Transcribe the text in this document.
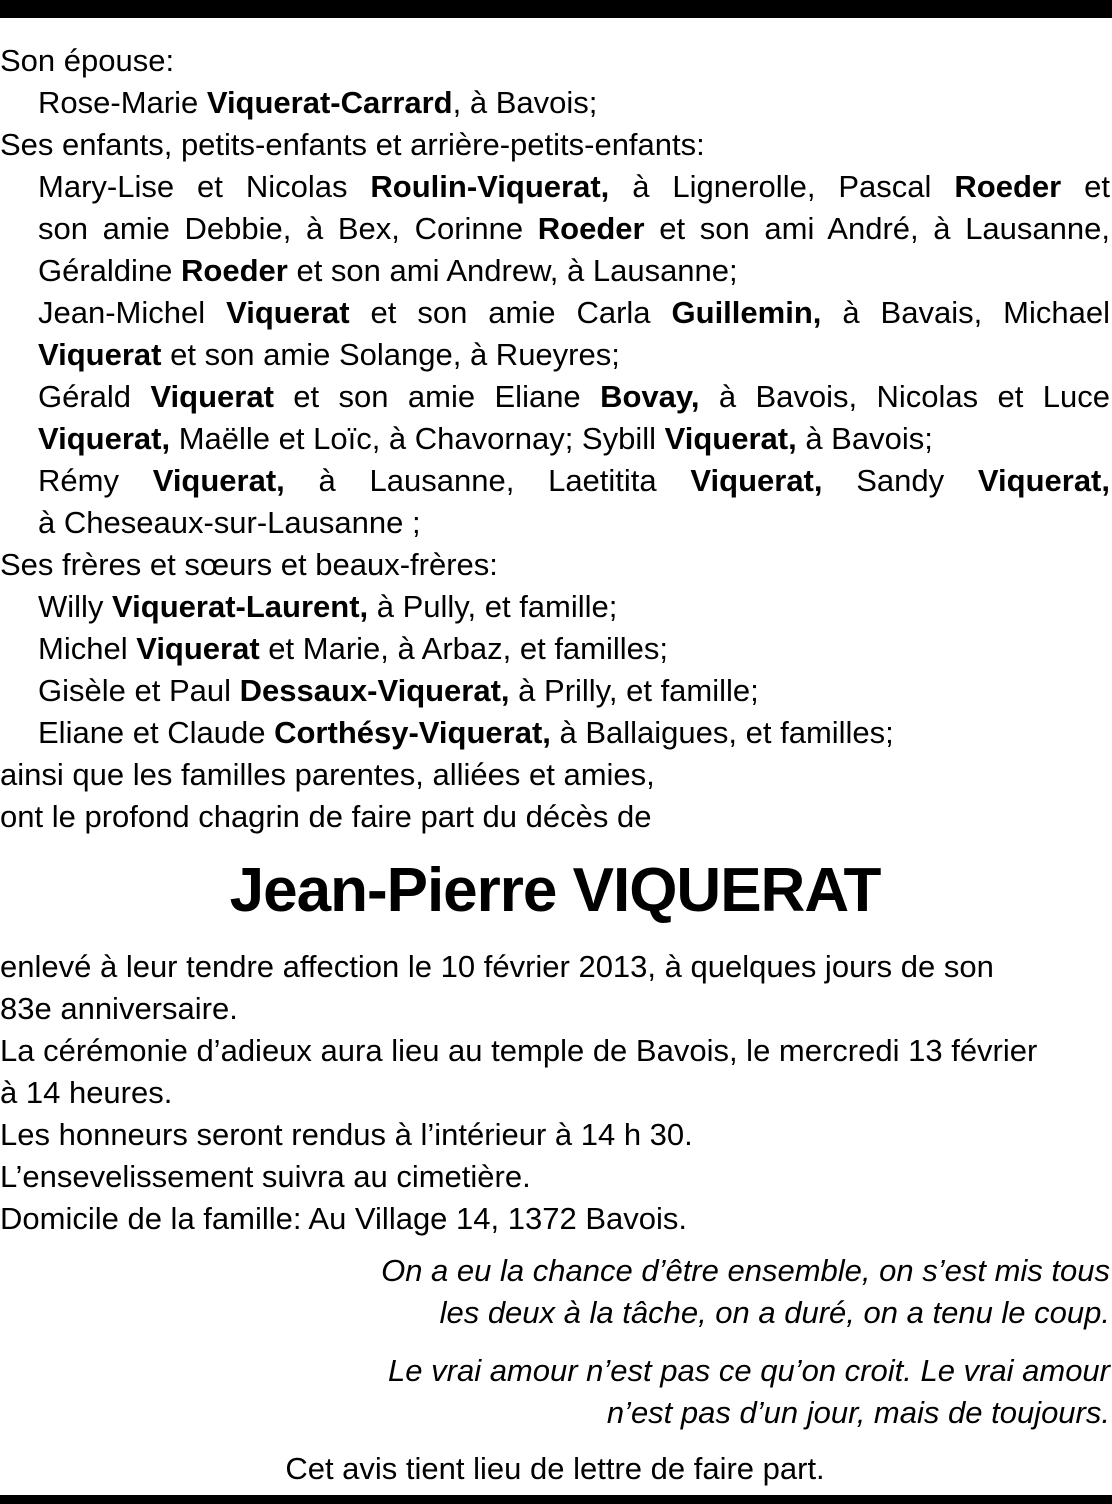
Son épouse:
Rose-Marie Viquerat-Carrard, à Bavois;
Ses enfants, petits-enfants et arrière-petits-enfants:
Mary-Lise et Nicolas Roulin-Viquerat, à Lignerolle, Pascal Roeder et
son amie Debbie, à Bex, Corinne Roeder et son ami André, à Lausanne,
Géraldine Roeder et son ami Andrew, à Lausanne;
Jean-Michel Viquerat et son amie Carla Guillemin, à Bavais, Michael
Viquerat et son amie Solange, à Rueyres;
Gérald Viquerat et son amie Eliane Bovay, à Bavois, Nicolas et Luce
Viquerat, Maëlle et Loïc, à Chavornay; Sybill Viquerat, à Bavois;
Rémy Viquerat, à Lausanne, Laetitita Viquerat, Sandy Viquerat,
à Cheseaux-sur-Lausanne ;
Ses frères et sœurs et beaux-frères:
Willy Viquerat-Laurent, à Pully, et famille;
Michel Viquerat et Marie, à Arbaz, et familles;
Gisèle et Paul Dessaux-Viquerat, à Prilly, et famille;
Eliane et Claude Corthésy-Viquerat, à Ballaigues, et familles;
ainsi que les familles parentes, alliées et amies,
ont le profond chagrin de faire part du décès de
Jean-Pierre VIQUERAT
enlevé à leur tendre affection le 10 février 2013, à quelques jours de son
83e anniversaire.
La cérémonie d’adieux aura lieu au temple de Bavois, le mercredi 13 février
à 14 heures.
Les honneurs seront rendus à l’intérieur à 14 h 30.
L’ensevelissement suivra au cimetière.
Domicile de la famille: Au Village 14, 1372 Bavois.
On a eu la chance d’être ensemble, on s’est mis tous
les deux à la tâche, on a duré, on a tenu le coup.
Le vrai amour n’est pas ce qu’on croit. Le vrai amour
n’est pas d’un jour, mais de toujours.
Cet avis tient lieu de lettre de faire part.
